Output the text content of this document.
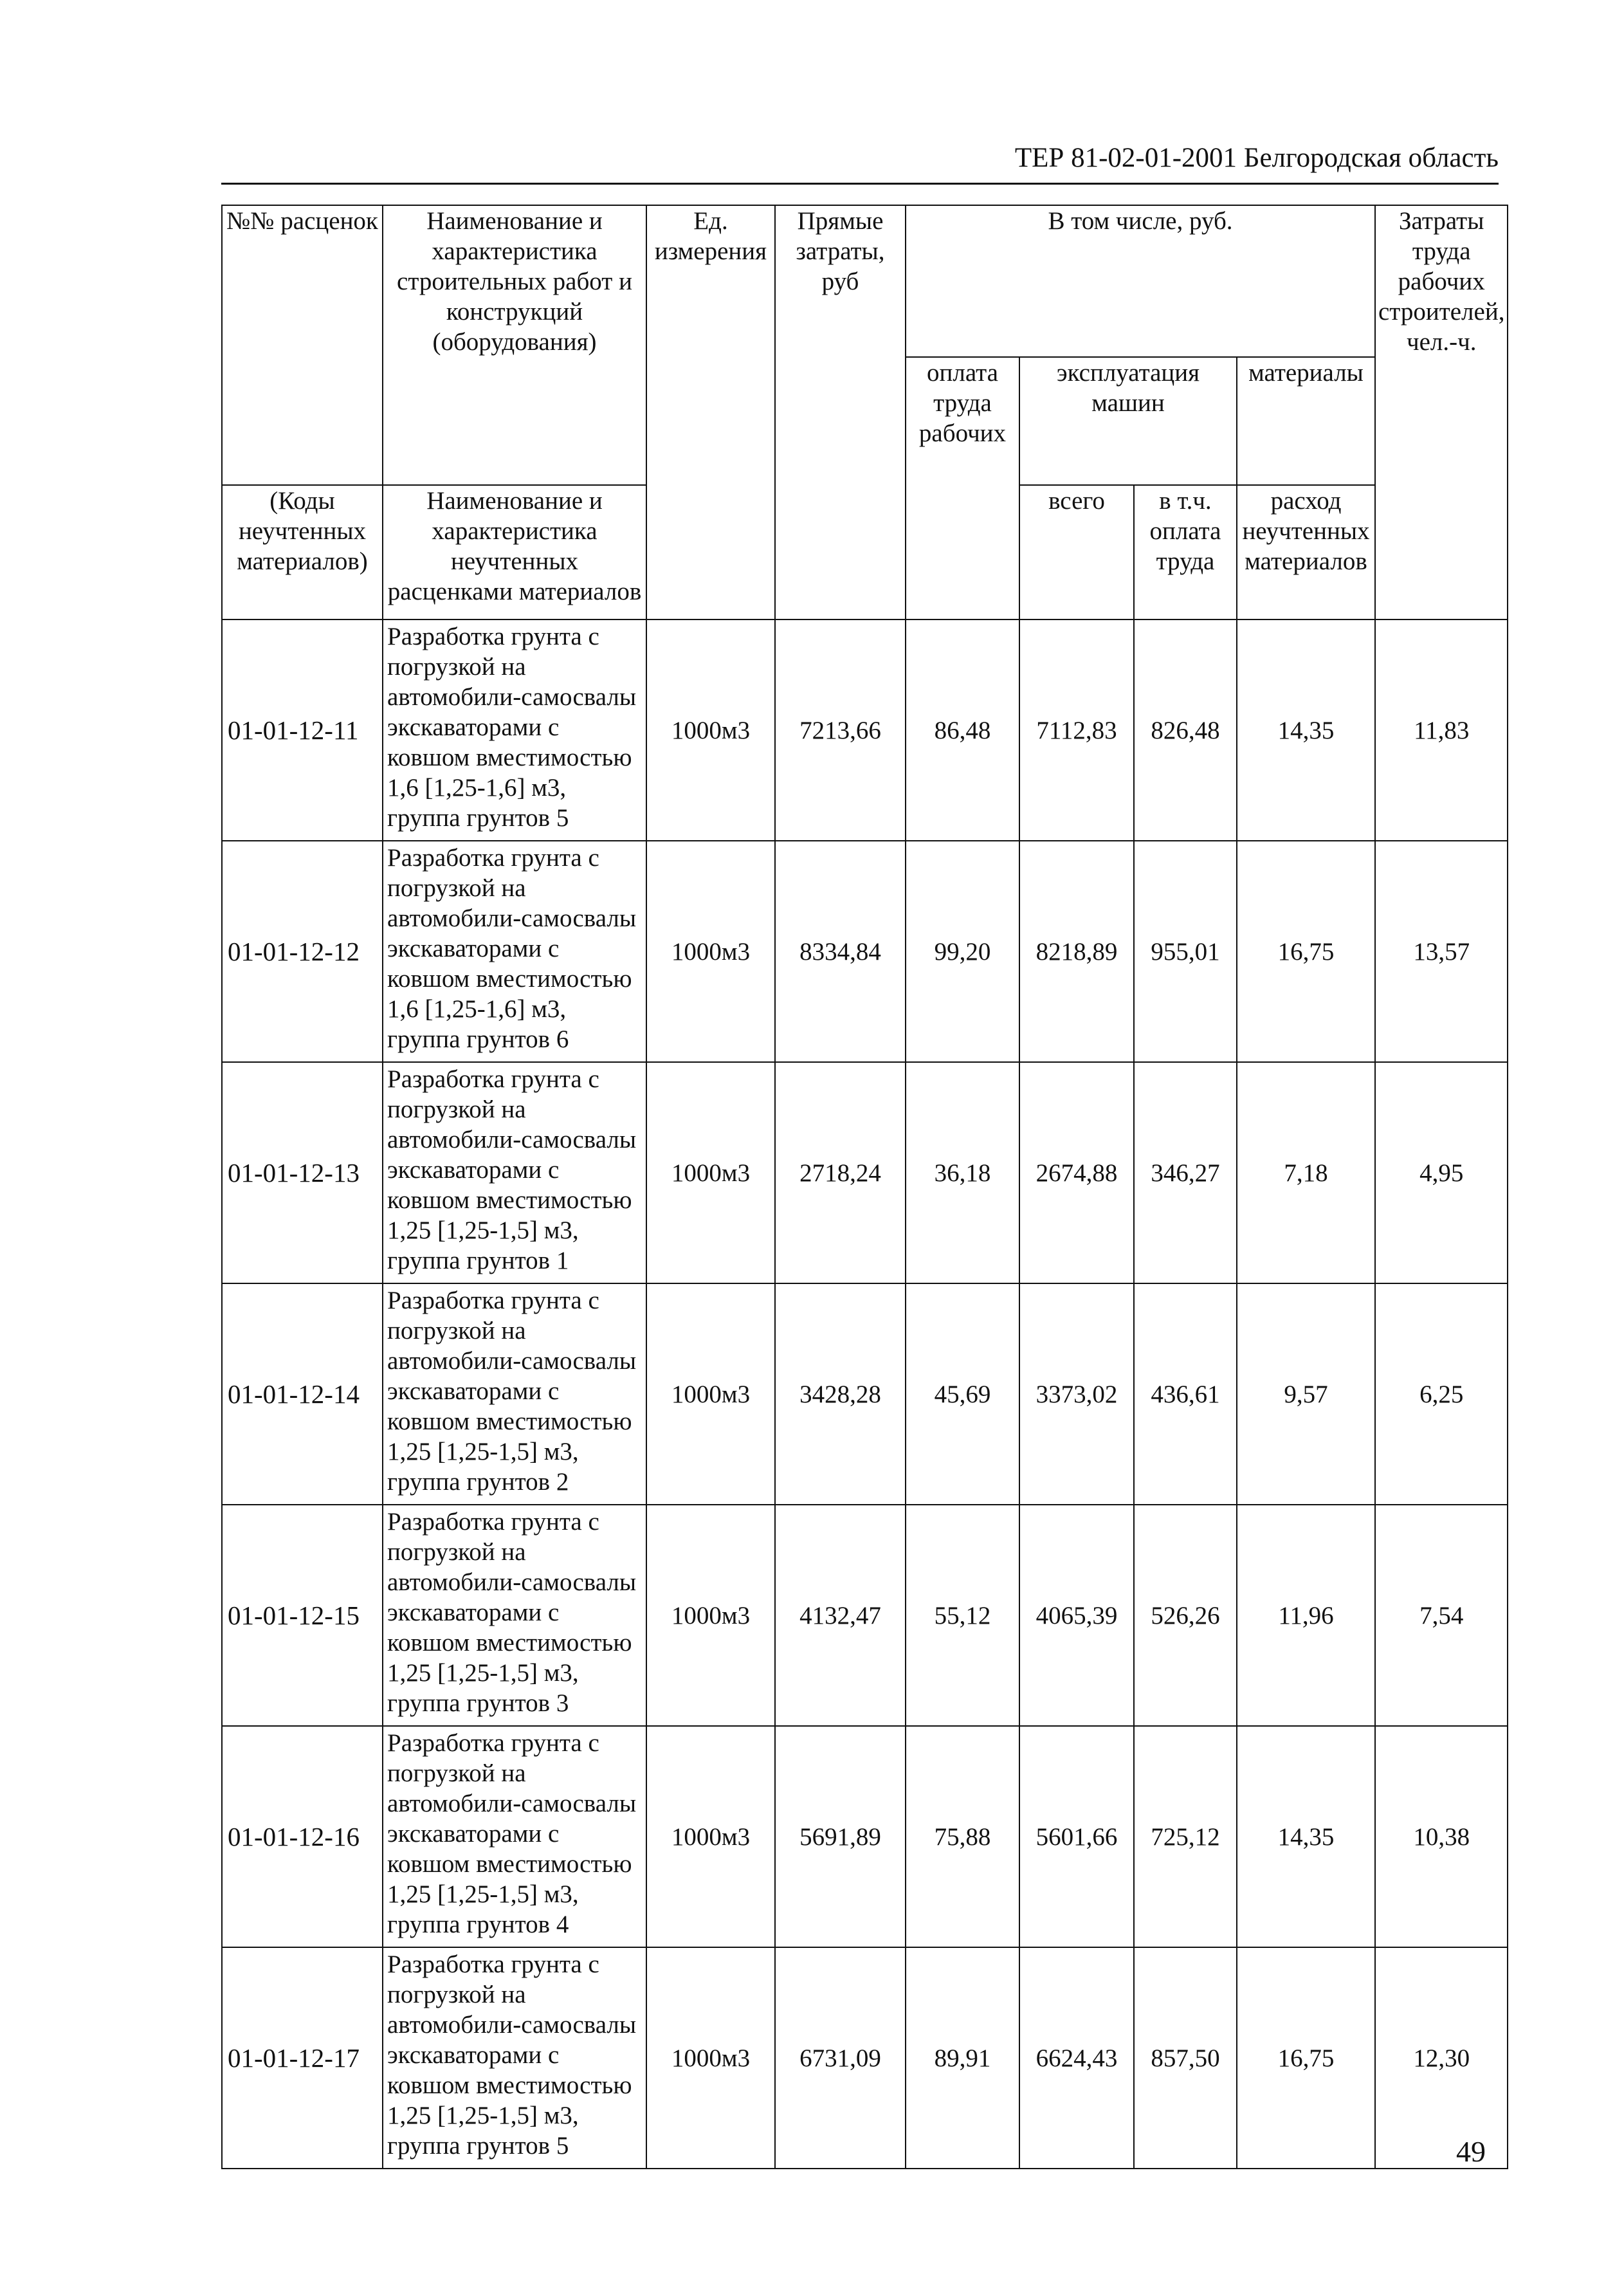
ТЕР 81-02-01-2001 Белгородская область
№№ расценок	Наименование и характеристика строительных работ и конструкций (оборудования)	Ед. измерения	Прямые затраты, руб	В том числе, руб.				Затраты труда рабочих строителей, чел.-ч.
				оплата труда рабочих	эксплуатация машин		материалы	
(Коды неучтенных материалов)	Наименование и характеристика неучтенных расценками материалов				всего	в т.ч. оплата труда	расход неучтенных материалов	
01-01-12-11	Разработка грунта с погрузкой на автомобили-самосвалы экскаваторами с ковшом вместимостью 1,6 [1,25-1,6] м3, группа грунтов 5	1000м3	7213,66	86,48	7112,83	826,48	14,35	11,83
01-01-12-12	Разработка грунта с погрузкой на автомобили-самосвалы экскаваторами с ковшом вместимостью 1,6 [1,25-1,6] м3, группа грунтов 6	1000м3	8334,84	99,20	8218,89	955,01	16,75	13,57
01-01-12-13	Разработка грунта с погрузкой на автомобили-самосвалы экскаваторами с ковшом вместимостью 1,25 [1,25-1,5] м3, группа грунтов 1	1000м3	2718,24	36,18	2674,88	346,27	7,18	4,95
01-01-12-14	Разработка грунта с погрузкой на автомобили-самосвалы экскаваторами с ковшом вместимостью 1,25 [1,25-1,5] м3, группа грунтов 2	1000м3	3428,28	45,69	3373,02	436,61	9,57	6,25
01-01-12-15	Разработка грунта с погрузкой на автомобили-самосвалы экскаваторами с ковшом вместимостью 1,25 [1,25-1,5] м3, группа грунтов 3	1000м3	4132,47	55,12	4065,39	526,26	11,96	7,54
01-01-12-16	Разработка грунта с погрузкой на автомобили-самосвалы экскаваторами с ковшом вместимостью 1,25 [1,25-1,5] м3, группа грунтов 4	1000м3	5691,89	75,88	5601,66	725,12	14,35	10,38
01-01-12-17	Разработка грунта с погрузкой на автомобили-самосвалы экскаваторами с ковшом вместимостью 1,25 [1,25-1,5] м3, группа грунтов 5	1000м3	6731,09	89,91	6624,43	857,50	16,75	12,30
49
